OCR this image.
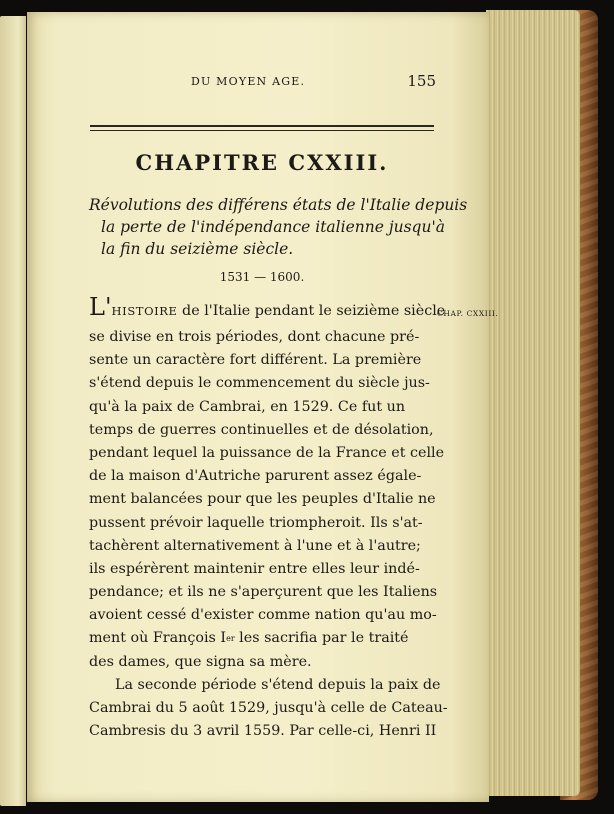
DU MOYEN AGE.	155
CHAPITRE CXXIII.
Révolutions des différens états de l'Italie depuis
la perte de l'indépendance italienne jusqu'à
la fin du seizième siècle.
1531 — 1600.
CHAP. CXXIII.
L'HISTOIRE de l'Italie pendant le seizième siècle
se divise en trois périodes, dont chacune pré-
sente un caractère fort différent. La première
s'étend depuis le commencement du siècle jus-
qu'à la paix de Cambrai, en 1529. Ce fut un
temps de guerres continuelles et de désolation,
pendant lequel la puissance de la France et celle
de la maison d'Autriche parurent assez égale-
ment balancées pour que les peuples d'Italie ne
pussent prévoir laquelle triompheroit. Ils s'at-
tachèrent alternativement à l'une et à l'autre;
ils espérèrent maintenir entre elles leur indé-
pendance; et ils ne s'aperçurent que les Italiens
avoient cessé d'exister comme nation qu'au mo-
ment où François Ier les sacrifia par le traité
des dames, que signa sa mère.
La seconde période s'étend depuis la paix de
Cambrai du 5 août 1529, jusqu'à celle de Cateau-
Cambresis du 3 avril 1559. Par celle-ci, Henri II
